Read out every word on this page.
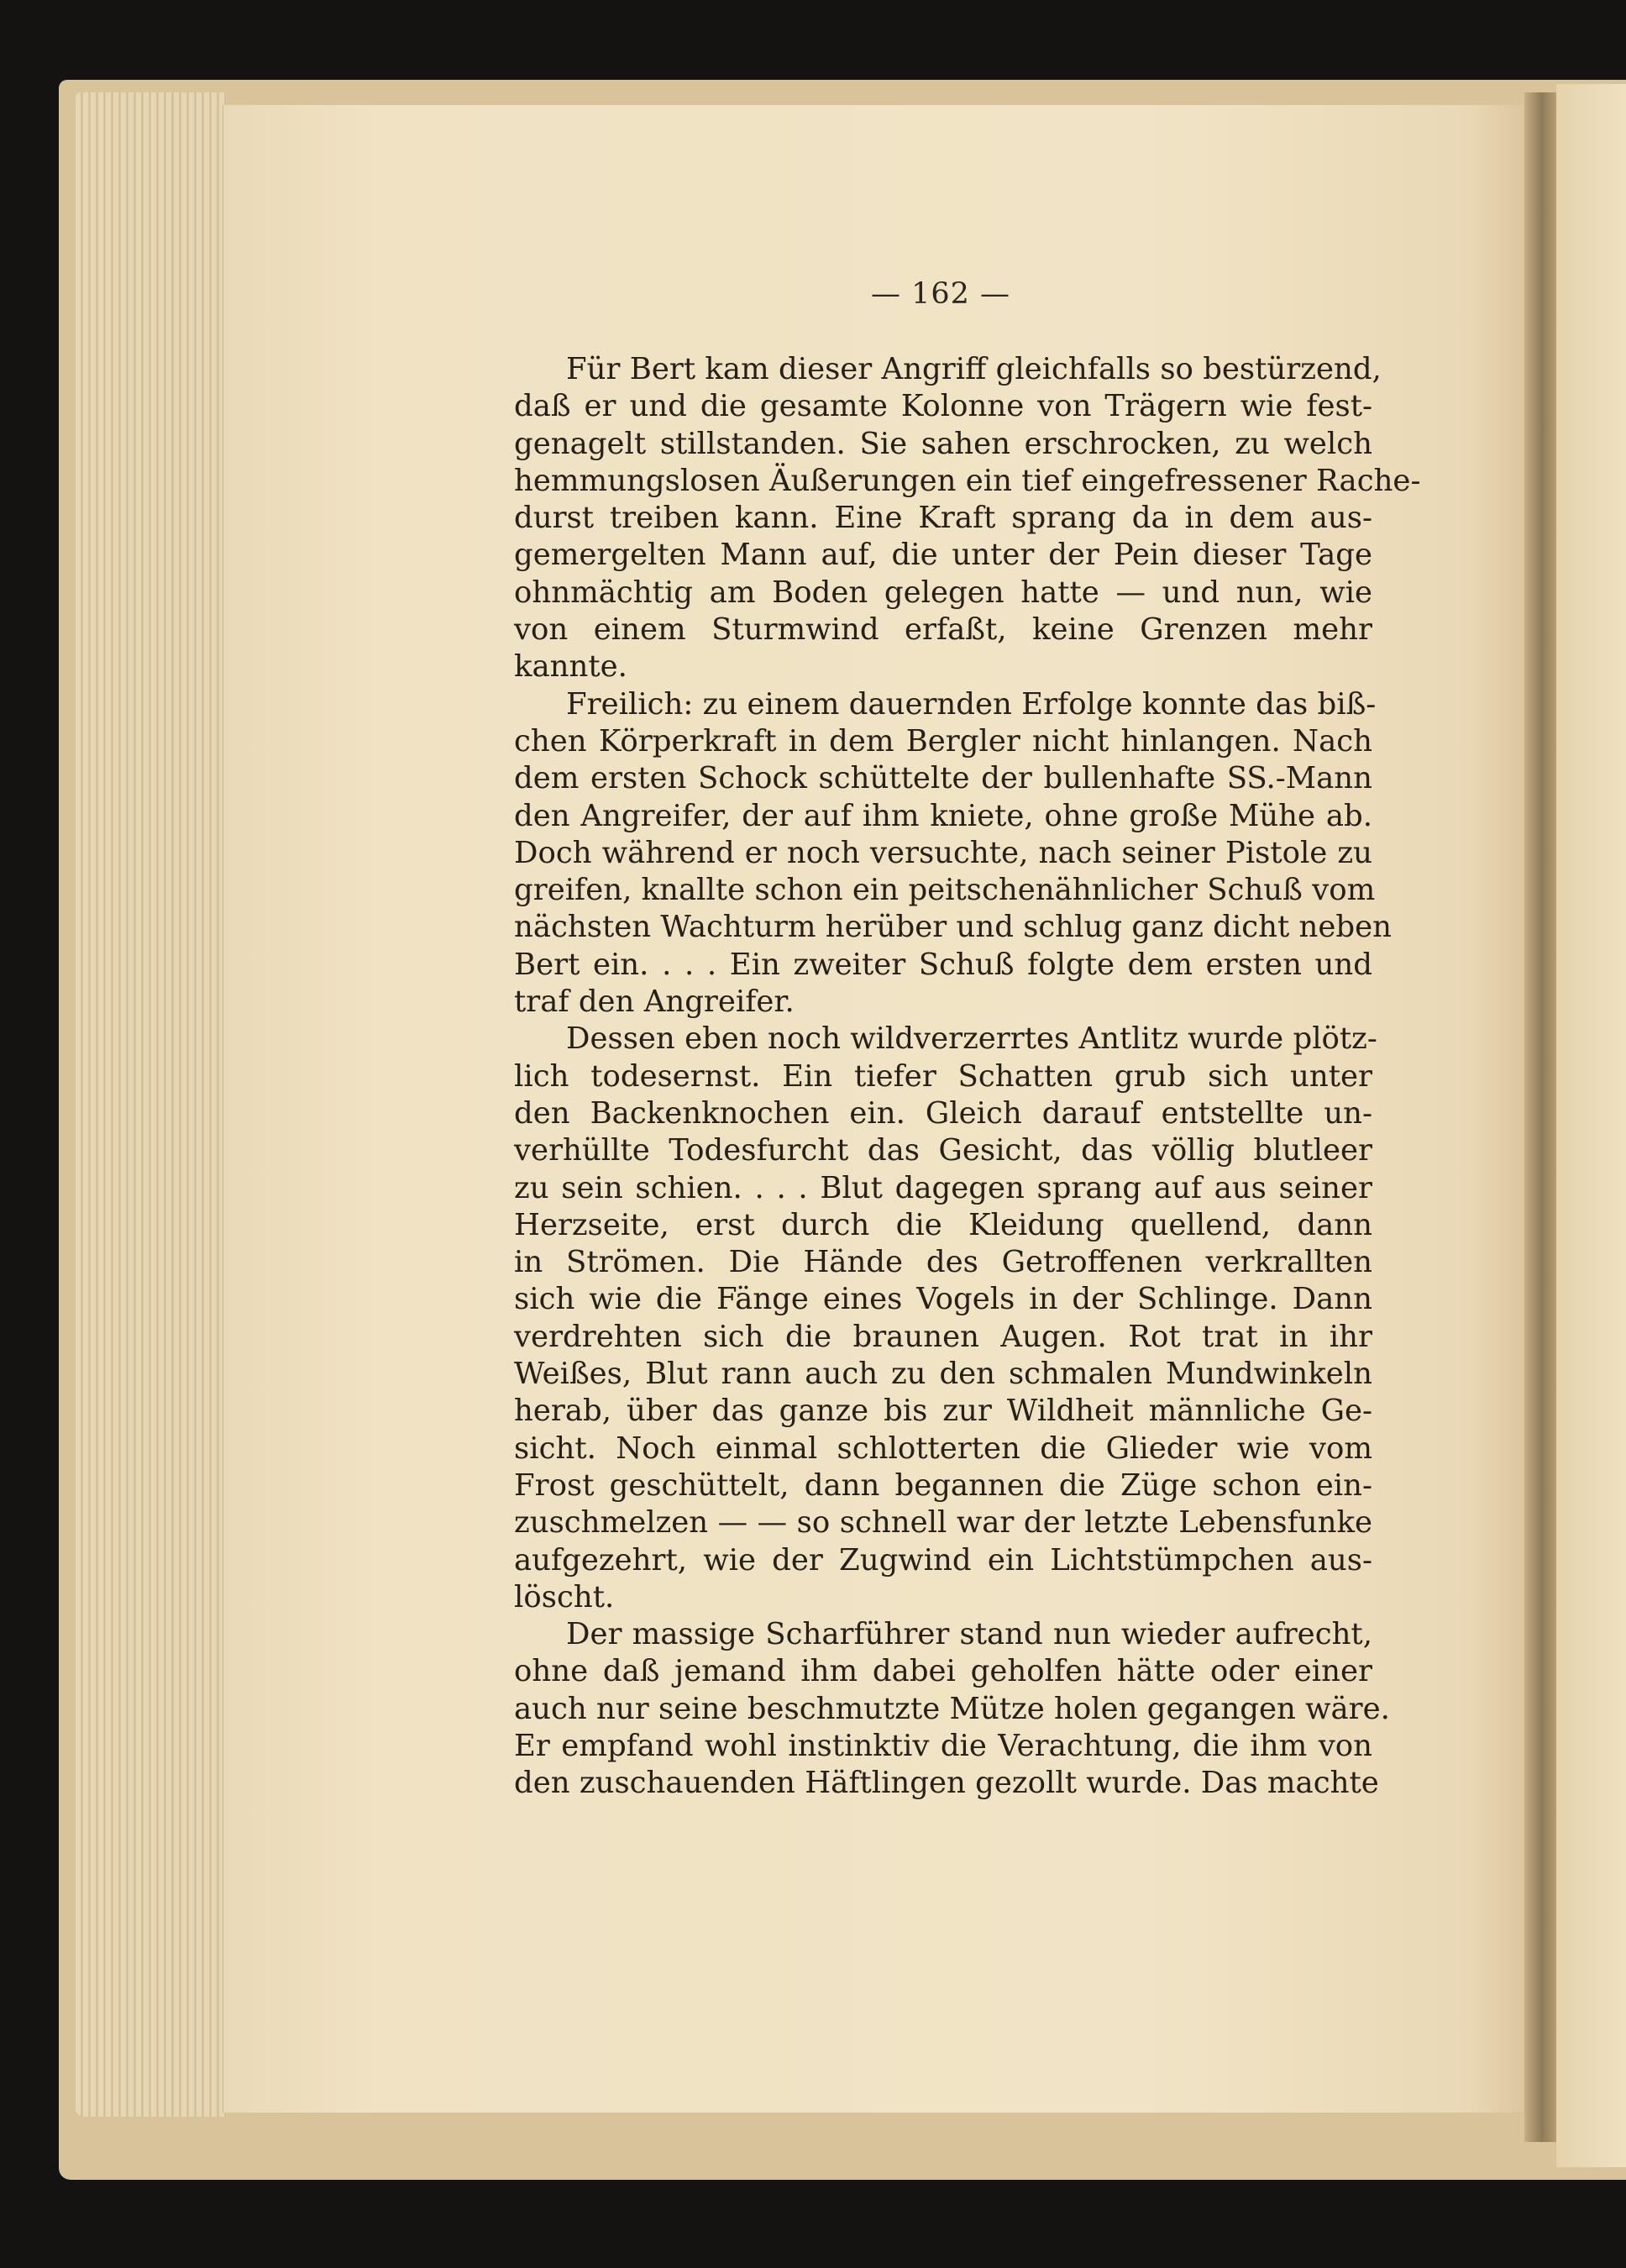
— 162 —
Für Bert kam dieser Angriff gleichfalls so bestürzend,
daß er und die gesamte Kolonne von Trägern wie fest-
genagelt stillstanden. Sie sahen erschrocken, zu welch
hemmungslosen Äußerungen ein tief eingefressener Rache-
durst treiben kann. Eine Kraft sprang da in dem aus-
gemergelten Mann auf, die unter der Pein dieser Tage
ohnmächtig am Boden gelegen hatte — und nun, wie
von einem Sturmwind erfaßt, keine Grenzen mehr
kannte.
Freilich: zu einem dauernden Erfolge konnte das biß-
chen Körperkraft in dem Bergler nicht hinlangen. Nach
dem ersten Schock schüttelte der bullenhafte SS.-Mann
den Angreifer, der auf ihm kniete, ohne große Mühe ab.
Doch während er noch versuchte, nach seiner Pistole zu
greifen, knallte schon ein peitschenähnlicher Schuß vom
nächsten Wachturm herüber und schlug ganz dicht neben
Bert ein. . . . Ein zweiter Schuß folgte dem ersten und
traf den Angreifer.
Dessen eben noch wildverzerrtes Antlitz wurde plötz-
lich todesernst. Ein tiefer Schatten grub sich unter
den Backenknochen ein. Gleich darauf entstellte un-
verhüllte Todesfurcht das Gesicht, das völlig blutleer
zu sein schien. . . . Blut dagegen sprang auf aus seiner
Herzseite, erst durch die Kleidung quellend, dann
in Strömen. Die Hände des Getroffenen verkrallten
sich wie die Fänge eines Vogels in der Schlinge. Dann
verdrehten sich die braunen Augen. Rot trat in ihr
Weißes, Blut rann auch zu den schmalen Mundwinkeln
herab, über das ganze bis zur Wildheit männliche Ge-
sicht. Noch einmal schlotterten die Glieder wie vom
Frost geschüttelt, dann begannen die Züge schon ein-
zuschmelzen — — so schnell war der letzte Lebensfunke
aufgezehrt, wie der Zugwind ein Lichtstümpchen aus-
löscht.
Der massige Scharführer stand nun wieder aufrecht,
ohne daß jemand ihm dabei geholfen hätte oder einer
auch nur seine beschmutzte Mütze holen gegangen wäre.
Er empfand wohl instinktiv die Verachtung, die ihm von
den zuschauenden Häftlingen gezollt wurde. Das machte
